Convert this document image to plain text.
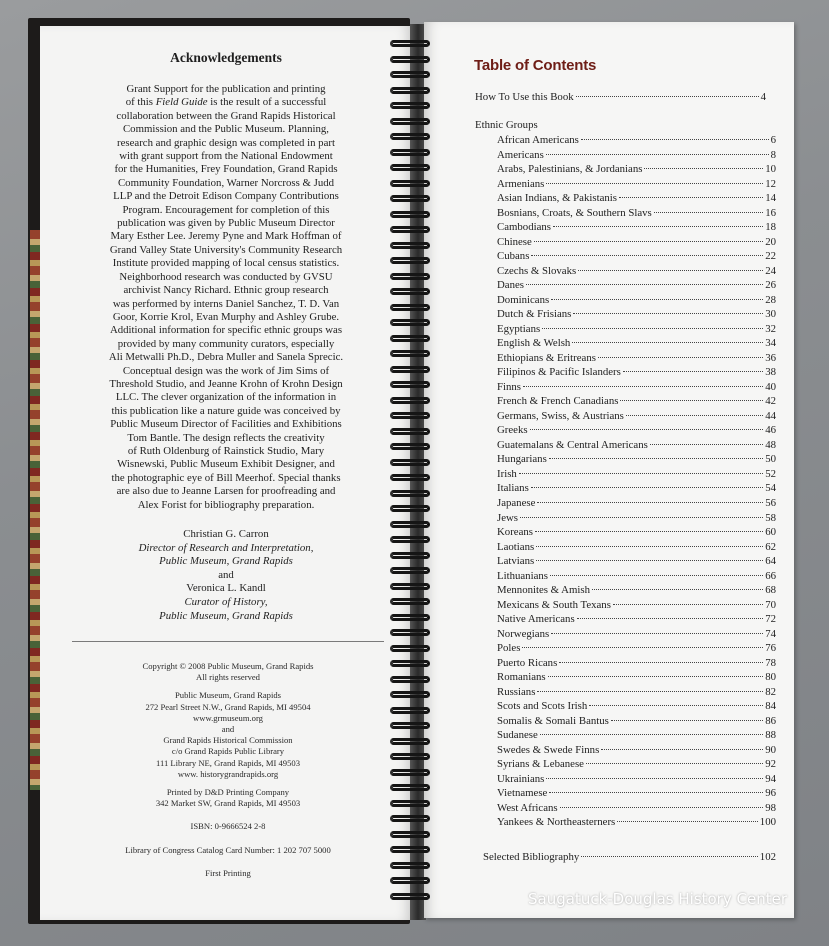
Acknowledgements
Grant Support for the publication and printing
of this Field Guide is the result of a successful
collaboration between the Grand Rapids Historical
Commission and the Public Museum. Planning,
research and graphic design was completed in part
with grant support from the National Endowment
for the Humanities, Frey Foundation, Grand Rapids
Community Foundation, Warner Norcross & Judd
LLP and the Detroit Edison Company Contributions
Program. Encouragement for completion of this
publication was given by Public Museum Director
Mary Esther Lee. Jeremy Pyne and Mark Hoffman of
Grand Valley State University's Community Research
Institute provided mapping of local census statistics.
Neighborhood research was conducted by GVSU
archivist Nancy Richard. Ethnic group research
was performed by interns Daniel Sanchez, T. D. Van
Goor, Korrie Krol, Evan Murphy and Ashley Grube.
Additional information for specific ethnic groups was
provided by many community curators, especially
Ali Metwalli Ph.D., Debra Muller and Sanela Sprecic.
Conceptual design was the work of Jim Sims of
Threshold Studio, and Jeanne Krohn of Krohn Design
LLC. The clever organization of the information in
this publication like a nature guide was conceived by
Public Museum Director of Facilities and Exhibitions
Tom Bantle. The design reflects the creativity
of Ruth Oldenburg of Rainstick Studio, Mary
Wisnewski, Public Museum Exhibit Designer, and
the photographic eye of Bill Meerhof. Special thanks
are also due to Jeanne Larsen for proofreading and
Alex Forist for bibliography preparation.
Christian G. Carron
Director of Research and Interpretation,
Public Museum, Grand Rapids
and
Veronica L. Kandl
Curator of History,
Public Museum, Grand Rapids
Copyright © 2008 Public Museum, Grand Rapids
All rights reserved
Public Museum, Grand Rapids
272 Pearl Street N.W., Grand Rapids, MI 49504
www.grmuseum.org
and
Grand Rapids Historical Commission
c/o Grand Rapids Public Library
111 Library NE, Grand Rapids, MI 49503
www. historygrandrapids.org
Printed by D&D Printing Company
342 Market SW, Grand Rapids, MI 49503
ISBN: 0-9666524 2-8
Library of Congress Catalog Card Number: 1 202 707 5000
First Printing
Table of Contents
How To Use this Book	4
Ethnic Groups
Selected Bibliography	102
African Americans	6
Americans	8
Arabs, Palestinians, & Jordanians	10
Armenians	12
Asian Indians, & Pakistanis	14
Bosnians, Croats, & Southern Slavs	16
Cambodians	18
Chinese	20
Cubans	22
Czechs & Slovaks	24
Danes	26
Dominicans	28
Dutch & Frisians	30
Egyptians	32
English & Welsh	34
Ethiopians & Eritreans	36
Filipinos & Pacific Islanders	38
Finns	40
French & French Canadians	42
Germans, Swiss, & Austrians	44
Greeks	46
Guatemalans & Central Americans	48
Hungarians	50
Irish	52
Italians	54
Japanese	56
Jews	58
Koreans	60
Laotians	62
Latvians	64
Lithuanians	66
Mennonites & Amish	68
Mexicans & South Texans	70
Native Americans	72
Norwegians	74
Poles	76
Puerto Ricans	78
Romanians	80
Russians	82
Scots and Scots Irish	84
Somalis & Somali Bantus	86
Sudanese	88
Swedes & Swede Finns	90
Syrians & Lebanese	92
Ukrainians	94
Vietnamese	96
West Africans	98
Yankees & Northeasterners	100
Saugatuck-Douglas History Center
